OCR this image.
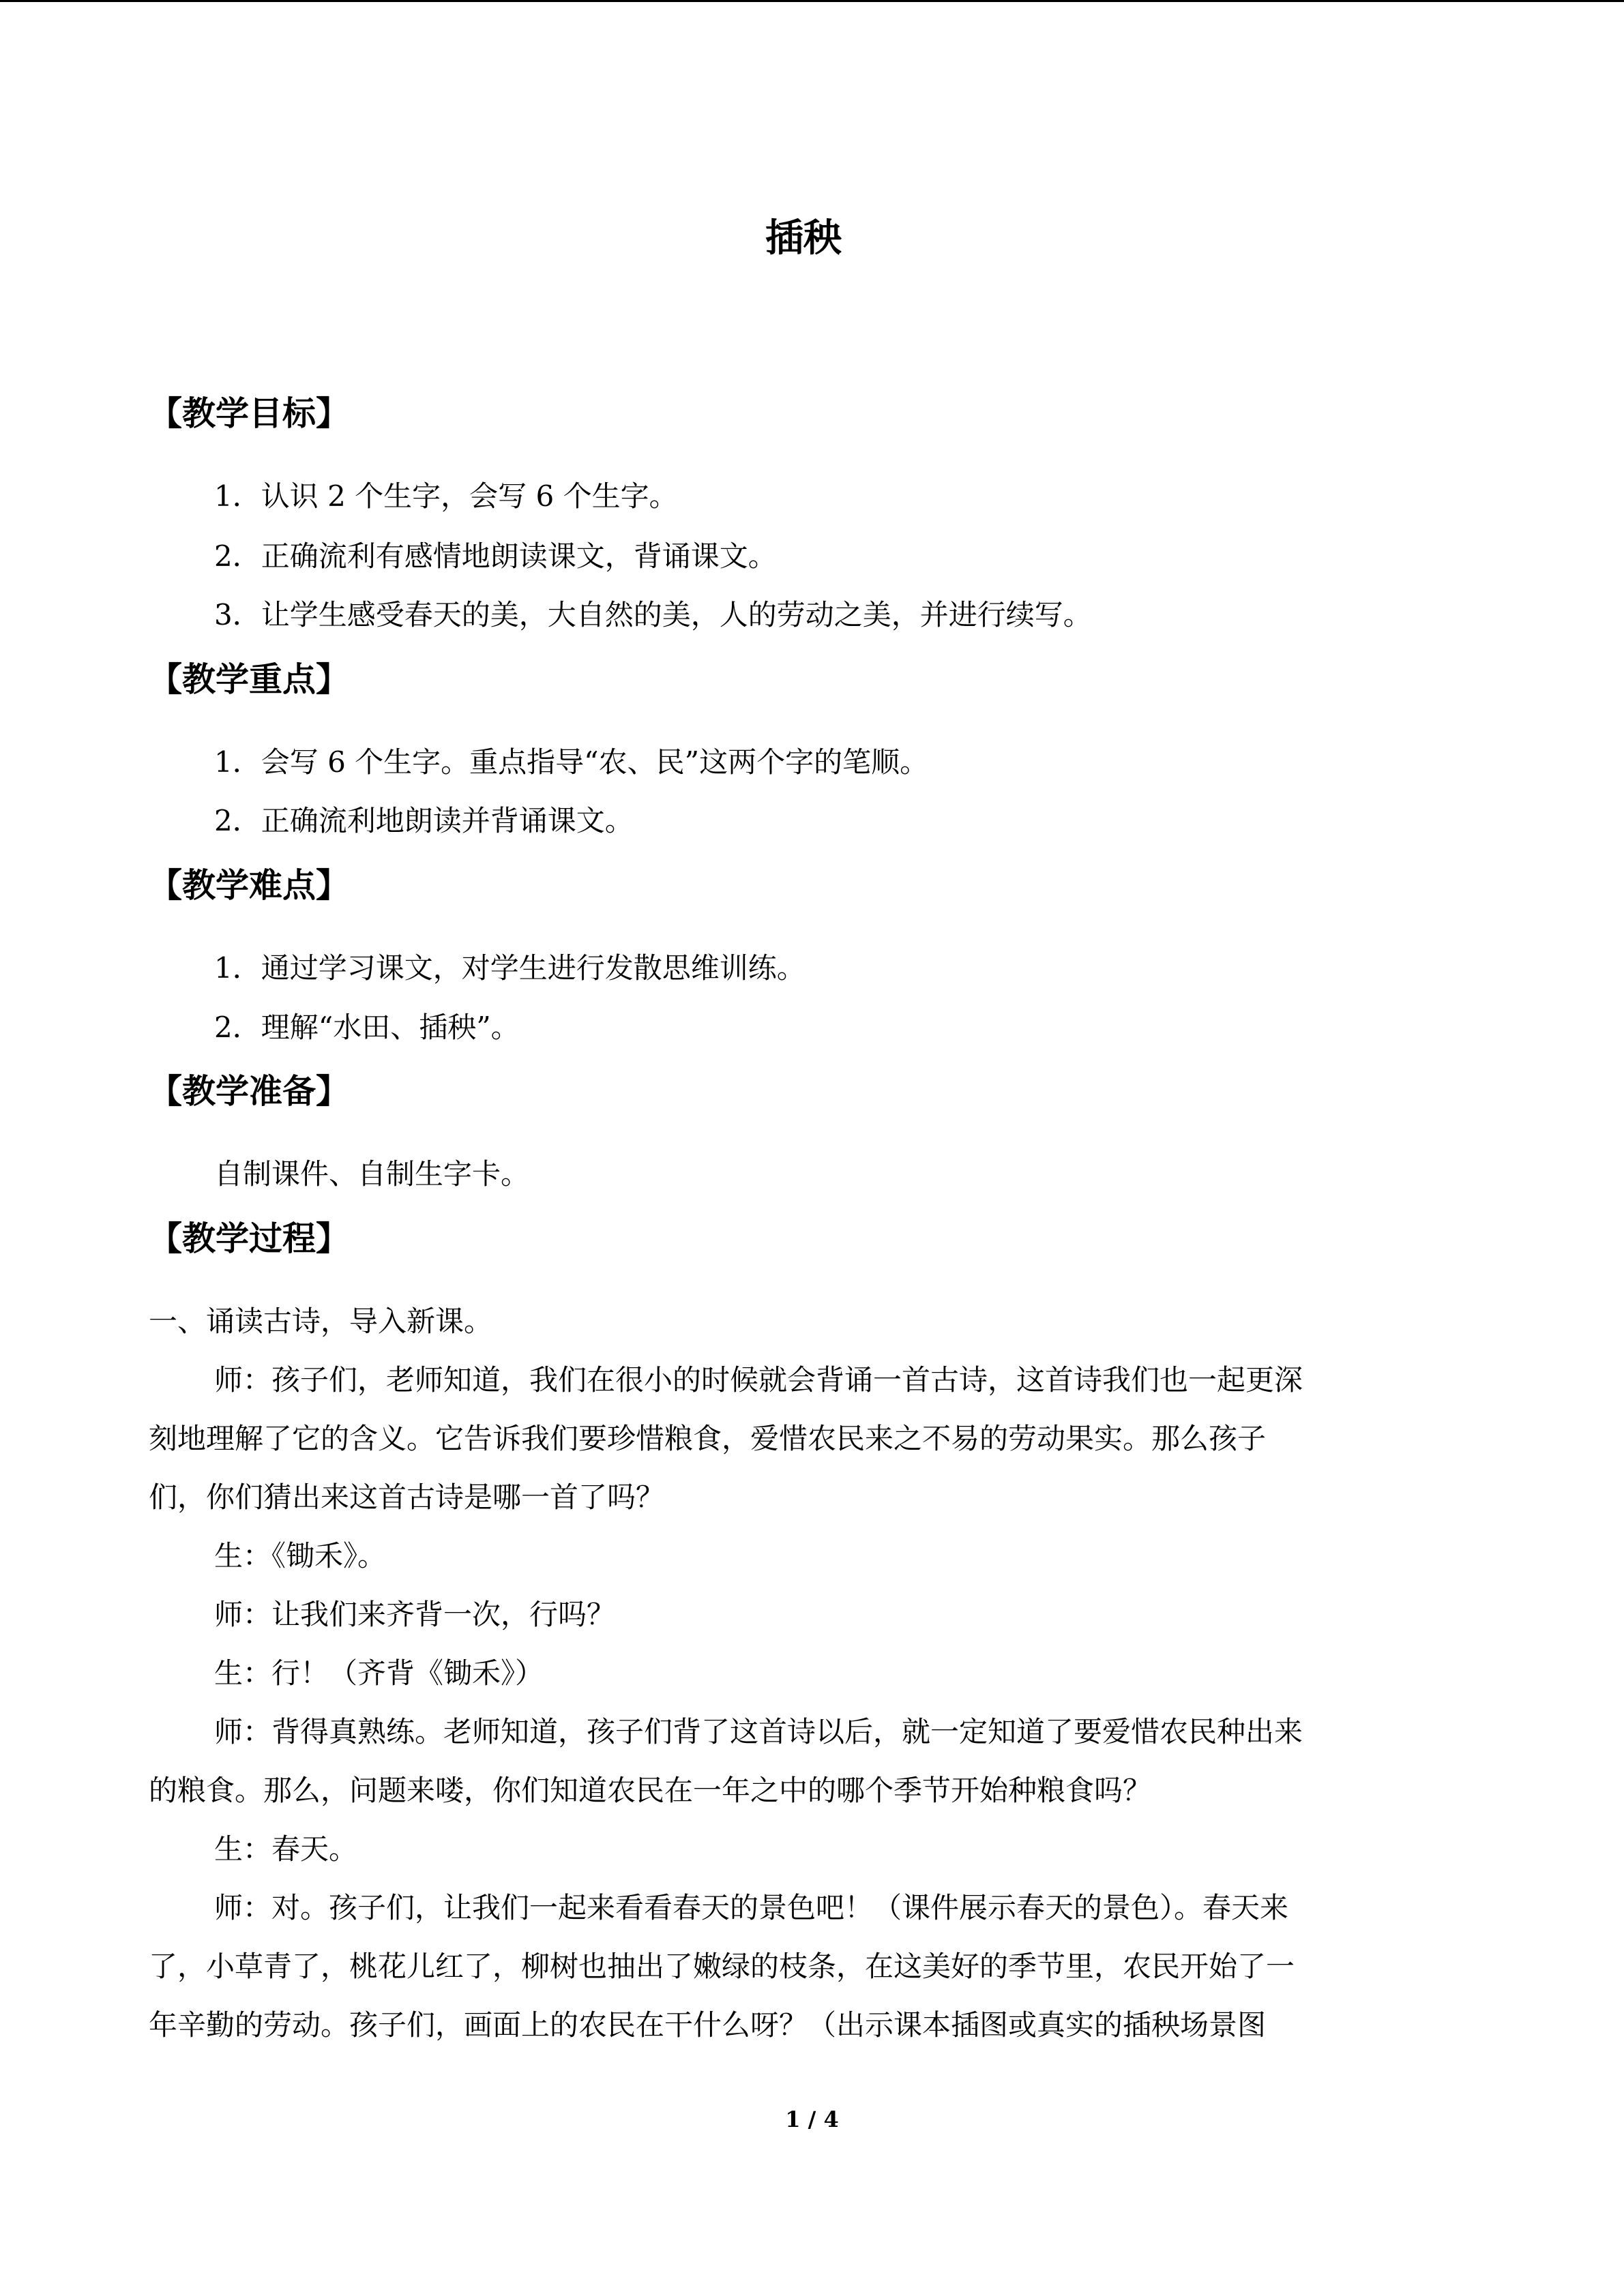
插秧
【教学目标】
1．认识 2 个生字，会写 6 个生字。
2．正确流利有感情地朗读课文，背诵课文。
3．让学生感受春天的美，大自然的美，人的劳动之美，并进行续写。
【教学重点】
1．会写 6 个生字。重点指导“农、民”这两个字的笔顺。
2．正确流利地朗读并背诵课文。
【教学难点】
1．通过学习课文，对学生进行发散思维训练。
2．理解“水田、插秧”。
【教学准备】
自制课件、自制生字卡。
【教学过程】
一、诵读古诗，导入新课。
师：孩子们，老师知道，我们在很小的时候就会背诵一首古诗，这首诗我们也一起更深
刻地理解了它的含义。它告诉我们要珍惜粮食，爱惜农民来之不易的劳动果实。那么孩子
们，你们猜出来这首古诗是哪一首了吗？
生：《锄禾》。
师：让我们来齐背一次，行吗？
生：行！（齐背《锄禾》）
师：背得真熟练。老师知道，孩子们背了这首诗以后，就一定知道了要爱惜农民种出来
的粮食。那么，问题来喽，你们知道农民在一年之中的哪个季节开始种粮食吗？
生：春天。
师：对。孩子们，让我们一起来看看春天的景色吧！（课件展示春天的景色）。春天来
了，小草青了，桃花儿红了，柳树也抽出了嫩绿的枝条，在这美好的季节里，农民开始了一
年辛勤的劳动。孩子们，画面上的农民在干什么呀？（出示课本插图或真实的插秧场景图
1 / 4
